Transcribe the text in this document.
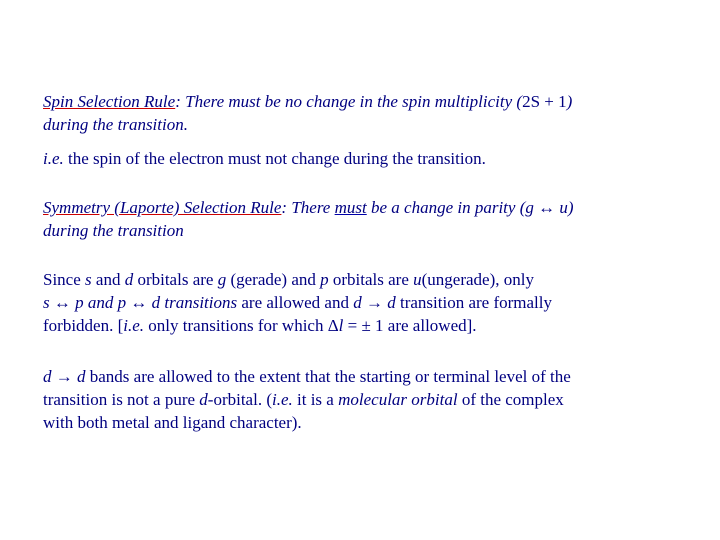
Spin Selection Rule: There must be no change in the spin multiplicity (2S + 1)
during the transition.
i.e. the spin of the electron must not change during the transition.
Symmetry (Laporte) Selection Rule: There must be a change in parity (g ↔ u)
during the transition
Since s and d orbitals are g (gerade) and p orbitals are u(ungerade), only
s ↔ p and p ↔ d transitions are allowed and d → d transition are formally
forbidden. [i.e. only transitions for which Δl = ± 1 are allowed].
d → d bands are allowed to the extent that the starting or terminal level of the
transition is not a pure d-orbital. (i.e. it is a molecular orbital of the complex
with both metal and ligand character).
